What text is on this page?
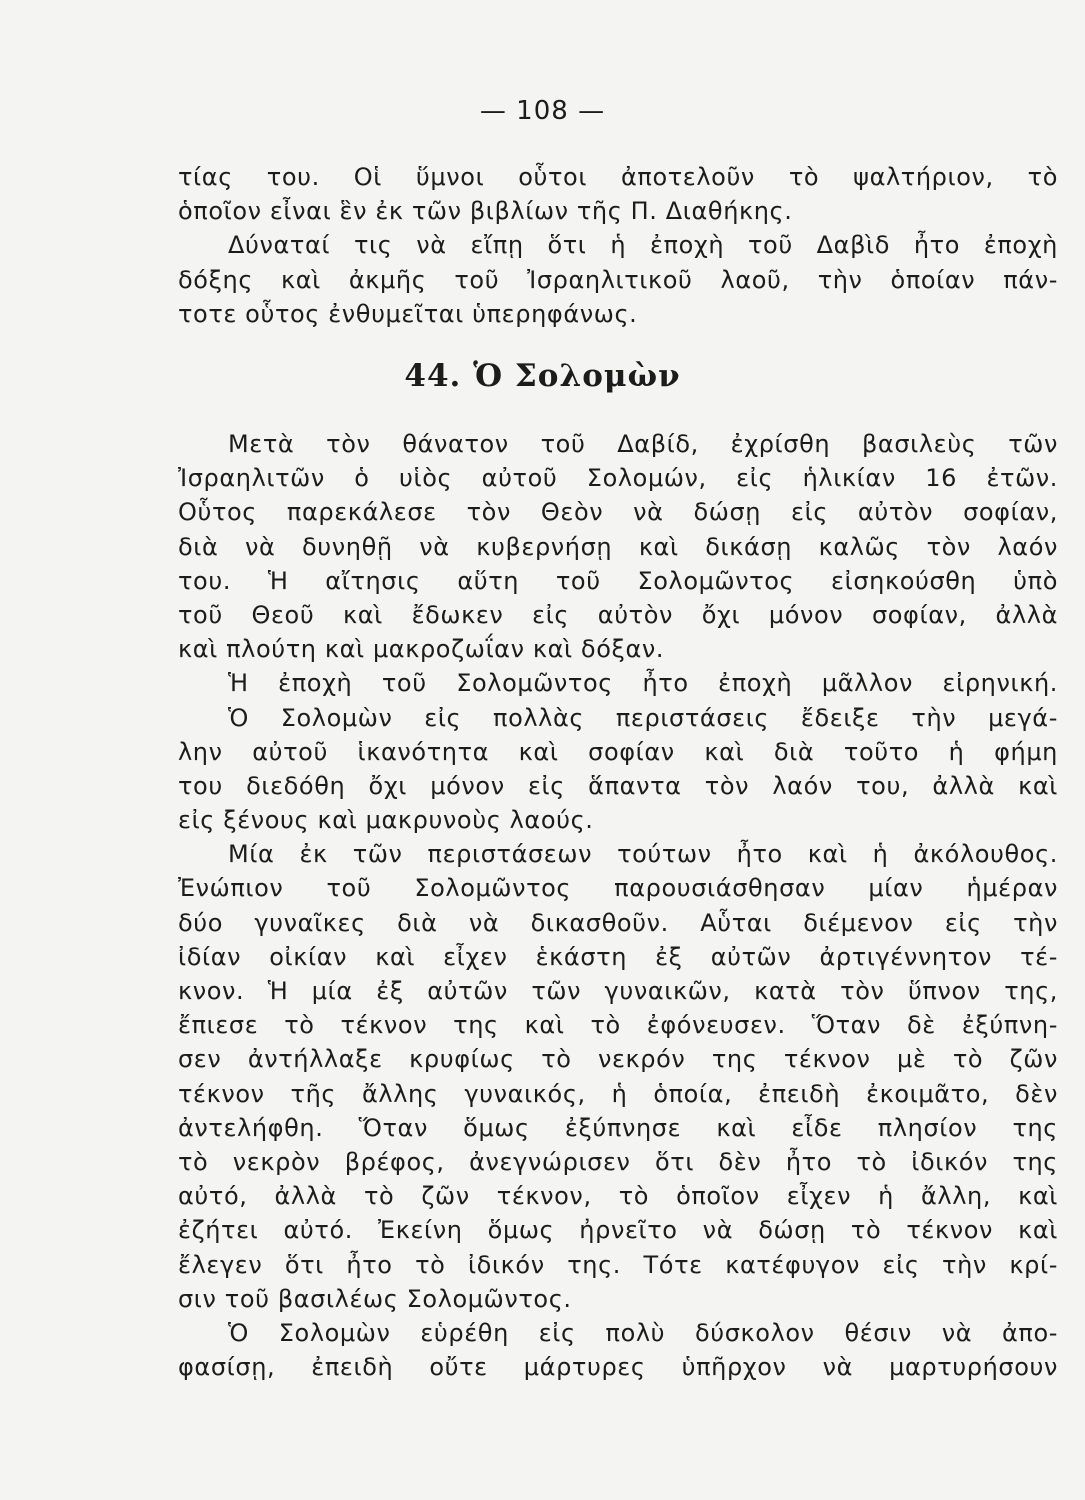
— 108 —
τίας του. Οἱ ὕμνοι οὗτοι ἀποτελοῦν τὸ ψαλτήριον, τὸ
ὁποῖον εἶναι ἓν ἐκ τῶν βιβλίων τῆς Π. Διαθήκης.
Δύναταί τις νὰ εἴπῃ ὅτι ἡ ἐποχὴ τοῦ Δαβὶδ ἦτο ἐποχὴ
δόξης καὶ ἀκμῆς τοῦ Ἰσραηλιτικοῦ λαοῦ, τὴν ὁποίαν πάν-
τοτε οὗτος ἐνθυμεῖται ὑπερηφάνως.
44. Ὁ Σολομὼν
Μετὰ τὸν θάνατον τοῦ Δαβίδ, ἐχρίσθη βασιλεὺς τῶν
Ἰσραηλιτῶν ὁ υἱὸς αὐτοῦ Σολομών, εἰς ἡλικίαν 16 ἐτῶν.
Οὗτος παρεκάλεσε τὸν Θεὸν νὰ δώσῃ εἰς αὐτὸν σοφίαν,
διὰ νὰ δυνηθῇ νὰ κυβερνήσῃ καὶ δικάσῃ καλῶς τὸν λαόν
του. Ἡ αἴτησις αὕτη τοῦ Σολομῶντος εἰσηκούσθη ὑπὸ
τοῦ Θεοῦ καὶ ἔδωκεν εἰς αὐτὸν ὄχι μόνον σοφίαν, ἀλλὰ
καὶ πλούτη καὶ μακροζωΐαν καὶ δόξαν.
Ἡ ἐποχὴ τοῦ Σολομῶντος ἦτο ἐποχὴ μᾶλλον εἰρηνική.
Ὁ Σολομὼν εἰς πολλὰς περιστάσεις ἔδειξε τὴν μεγά-
λην αὐτοῦ ἱκανότητα καὶ σοφίαν καὶ διὰ τοῦτο ἡ φήμη
του διεδόθη ὄχι μόνον εἰς ἅπαντα τὸν λαόν του, ἀλλὰ καὶ
εἰς ξένους καὶ μακρυνοὺς λαούς.
Μία ἐκ τῶν περιστάσεων τούτων ἦτο καὶ ἡ ἀκόλουθος.
Ἐνώπιον τοῦ Σολομῶντος παρουσιάσθησαν μίαν ἡμέραν
δύο γυναῖκες διὰ νὰ δικασθοῦν. Αὗται διέμενον εἰς τὴν
ἰδίαν οἰκίαν καὶ εἶχεν ἑκάστη ἐξ αὐτῶν ἀρτιγέννητον τέ-
κνον. Ἡ μία ἐξ αὐτῶν τῶν γυναικῶν, κατὰ τὸν ὕπνον της,
ἔπιεσε τὸ τέκνον της καὶ τὸ ἐφόνευσεν. Ὅταν δὲ ἐξύπνη-
σεν ἀντήλλαξε κρυφίως τὸ νεκρόν της τέκνον μὲ τὸ ζῶν
τέκνον τῆς ἄλλης γυναικός, ἡ ὁποία, ἐπειδὴ ἐκοιμᾶτο, δὲν
ἀντελήφθη. Ὅταν ὅμως ἐξύπνησε καὶ εἶδε πλησίον της
τὸ νεκρὸν βρέφος, ἀνεγνώρισεν ὅτι δὲν ἦτο τὸ ἰδικόν της
αὐτό, ἀλλὰ τὸ ζῶν τέκνον, τὸ ὁποῖον εἶχεν ἡ ἄλλη, καὶ
ἐζήτει αὐτό. Ἐκείνη ὅμως ἠρνεῖτο νὰ δώσῃ τὸ τέκνον καὶ
ἔλεγεν ὅτι ἦτο τὸ ἰδικόν της. Τότε κατέφυγον εἰς τὴν κρί-
σιν τοῦ βασιλέως Σολομῶντος.
Ὁ Σολομὼν εὑρέθη εἰς πολὺ δύσκολον θέσιν νὰ ἀπο-
φασίσῃ, ἐπειδὴ οὔτε μάρτυρες ὑπῆρχον νὰ μαρτυρήσουν
